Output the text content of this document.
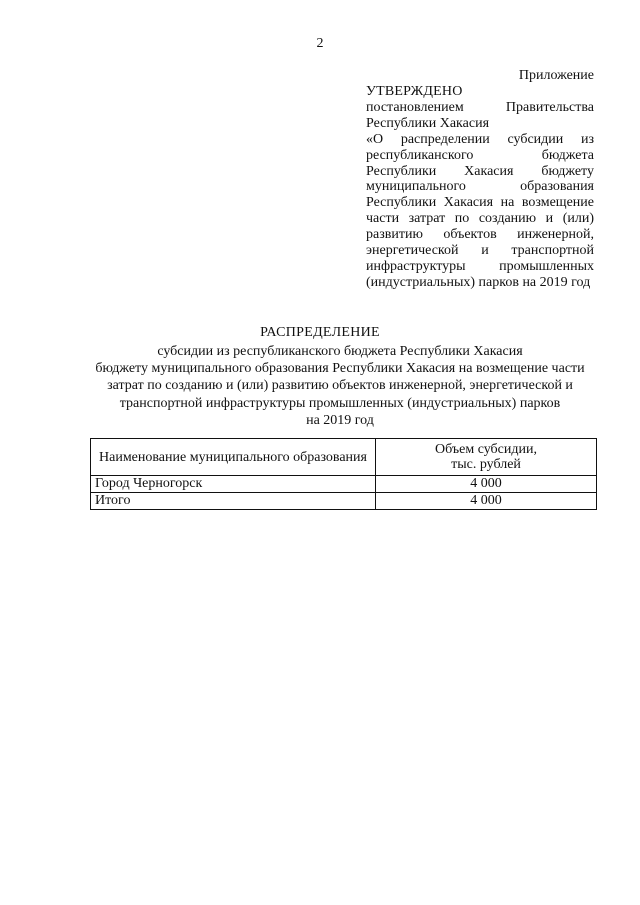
2
Приложение
УТВЕРЖДЕНО
постановлением Правительства
Республики Хакасия
«О распределении субсидии из
республиканского бюджета
Республики Хакасия бюджету
муниципального образования
Республики Хакасия на возмещение
части затрат по созданию и (или)
развитию объектов инженерной,
энергетической и транспортной
инфраструктуры промышленных
(индустриальных) парков на 2019 год
РАСПРЕДЕЛЕНИЕ
субсидии из республиканского бюджета Республики Хакасия
бюджету муниципального образования Республики Хакасия на возмещение части
затрат по созданию и (или) развитию объектов инженерной, энергетической и
транспортной инфраструктуры промышленных (индустриальных) парков
на 2019 год
Наименование муниципального образования	Объем субсидии,
тыс. рублей
Город Черногорск	4 000
Итого	4 000
